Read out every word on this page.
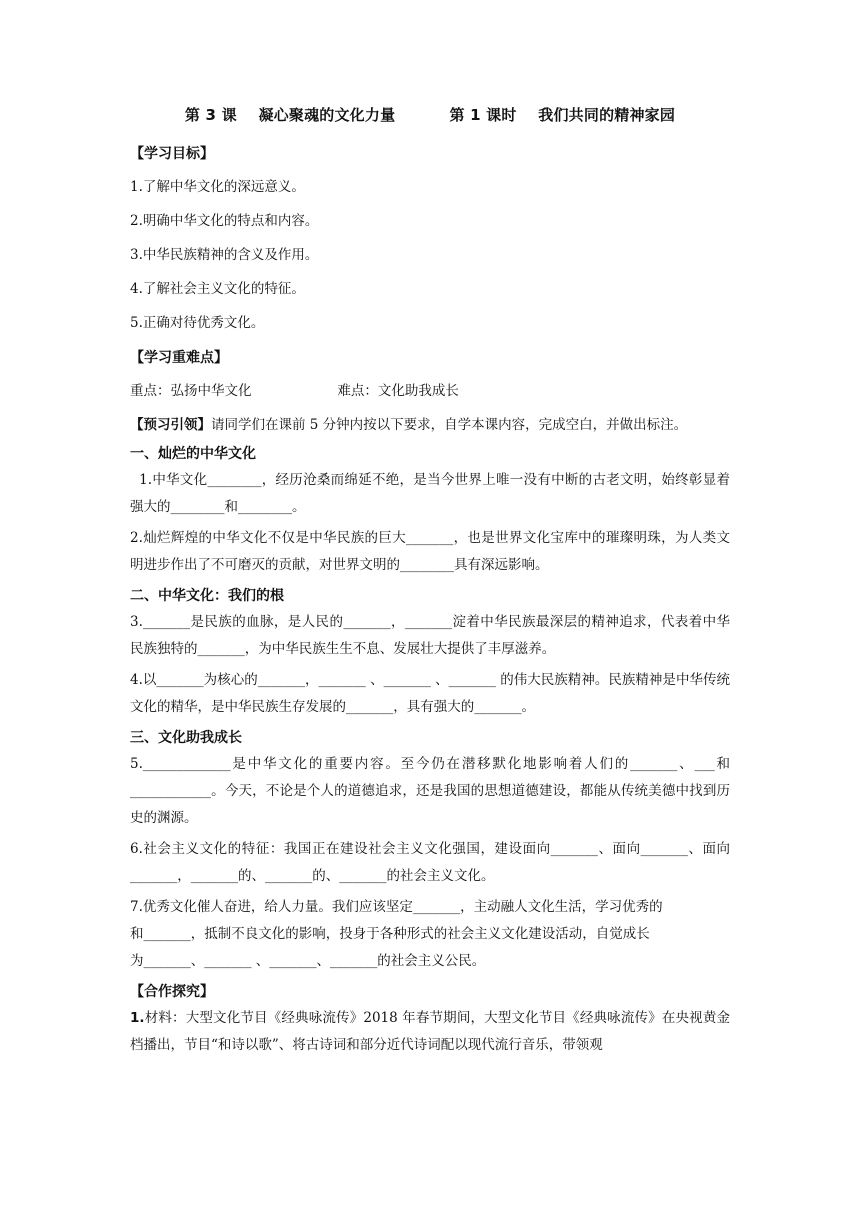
第 3 课    凝心聚魂的文化力量          第 1 课时    我们共同的精神家园
【学习目标】
1.了解中华文化的深远意义。
2.明确中华文化的特点和内容。
3.中华民族精神的含义及作用。
4.了解社会主义文化的特征。
5.正确对待优秀文化。
【学习重难点】
重点：弘扬中华文化                    难点：文化助我成长
【预习引领】请同学们在课前 5 分钟内按以下要求，自学本课内容，完成空白，并做出标注。
一、灿烂的中华文化
1.中华文化________，经历沧桑而绵延不绝，是当今世界上唯一没有中断的古老文明，始终彰显着强大的________和________。
2.灿烂辉煌的中华文化不仅是中华民族的巨大_______，也是世界文化宝库中的璀璨明珠，为人类文明进步作出了不可磨灭的贡献，对世界文明的________具有深远影响。
二、中华文化：我们的根
3._______是民族的血脉，是人民的_______，_______淀着中华民族最深层的精神追求，代表着中华民族独特的_______，为中华民族生生不息、发展壮大提供了丰厚滋养。
4.以_______为核心的_______，_______ 、_______ 、_______ 的伟大民族精神。民族精神是中华传统文化的精华，是中华民族生存发展的_______，具有强大的_______。
三、文化助我成长
5._____________是中华文化的重要内容。至今仍在潜移默化地影响着人们的_______、___和____________。今天，不论是个人的道德追求，还是我国的思想道德建设，都能从传统美德中找到历史的渊源。
6.社会主义文化的特征：我国正在建设社会主义文化强国，建设面向_______、面向_______、面向_______，_______的、_______的、_______的社会主义文化。
7.优秀文化催人奋进，给人力量。我们应该坚定_______，主动融人文化生活，学习优秀的
和_______，抵制不良文化的影响，投身于各种形式的社会主义文化建设活动，自觉成长
为_______、_______ 、_______、_______的社会主义公民。
【合作探究】
1.材料：大型文化节目《经典咏流传》2018 年春节期间，大型文化节目《经典咏流传》在央视黄金档播出，节目“和诗以歌”、将古诗词和部分近代诗词配以现代流行音乐，带领观
